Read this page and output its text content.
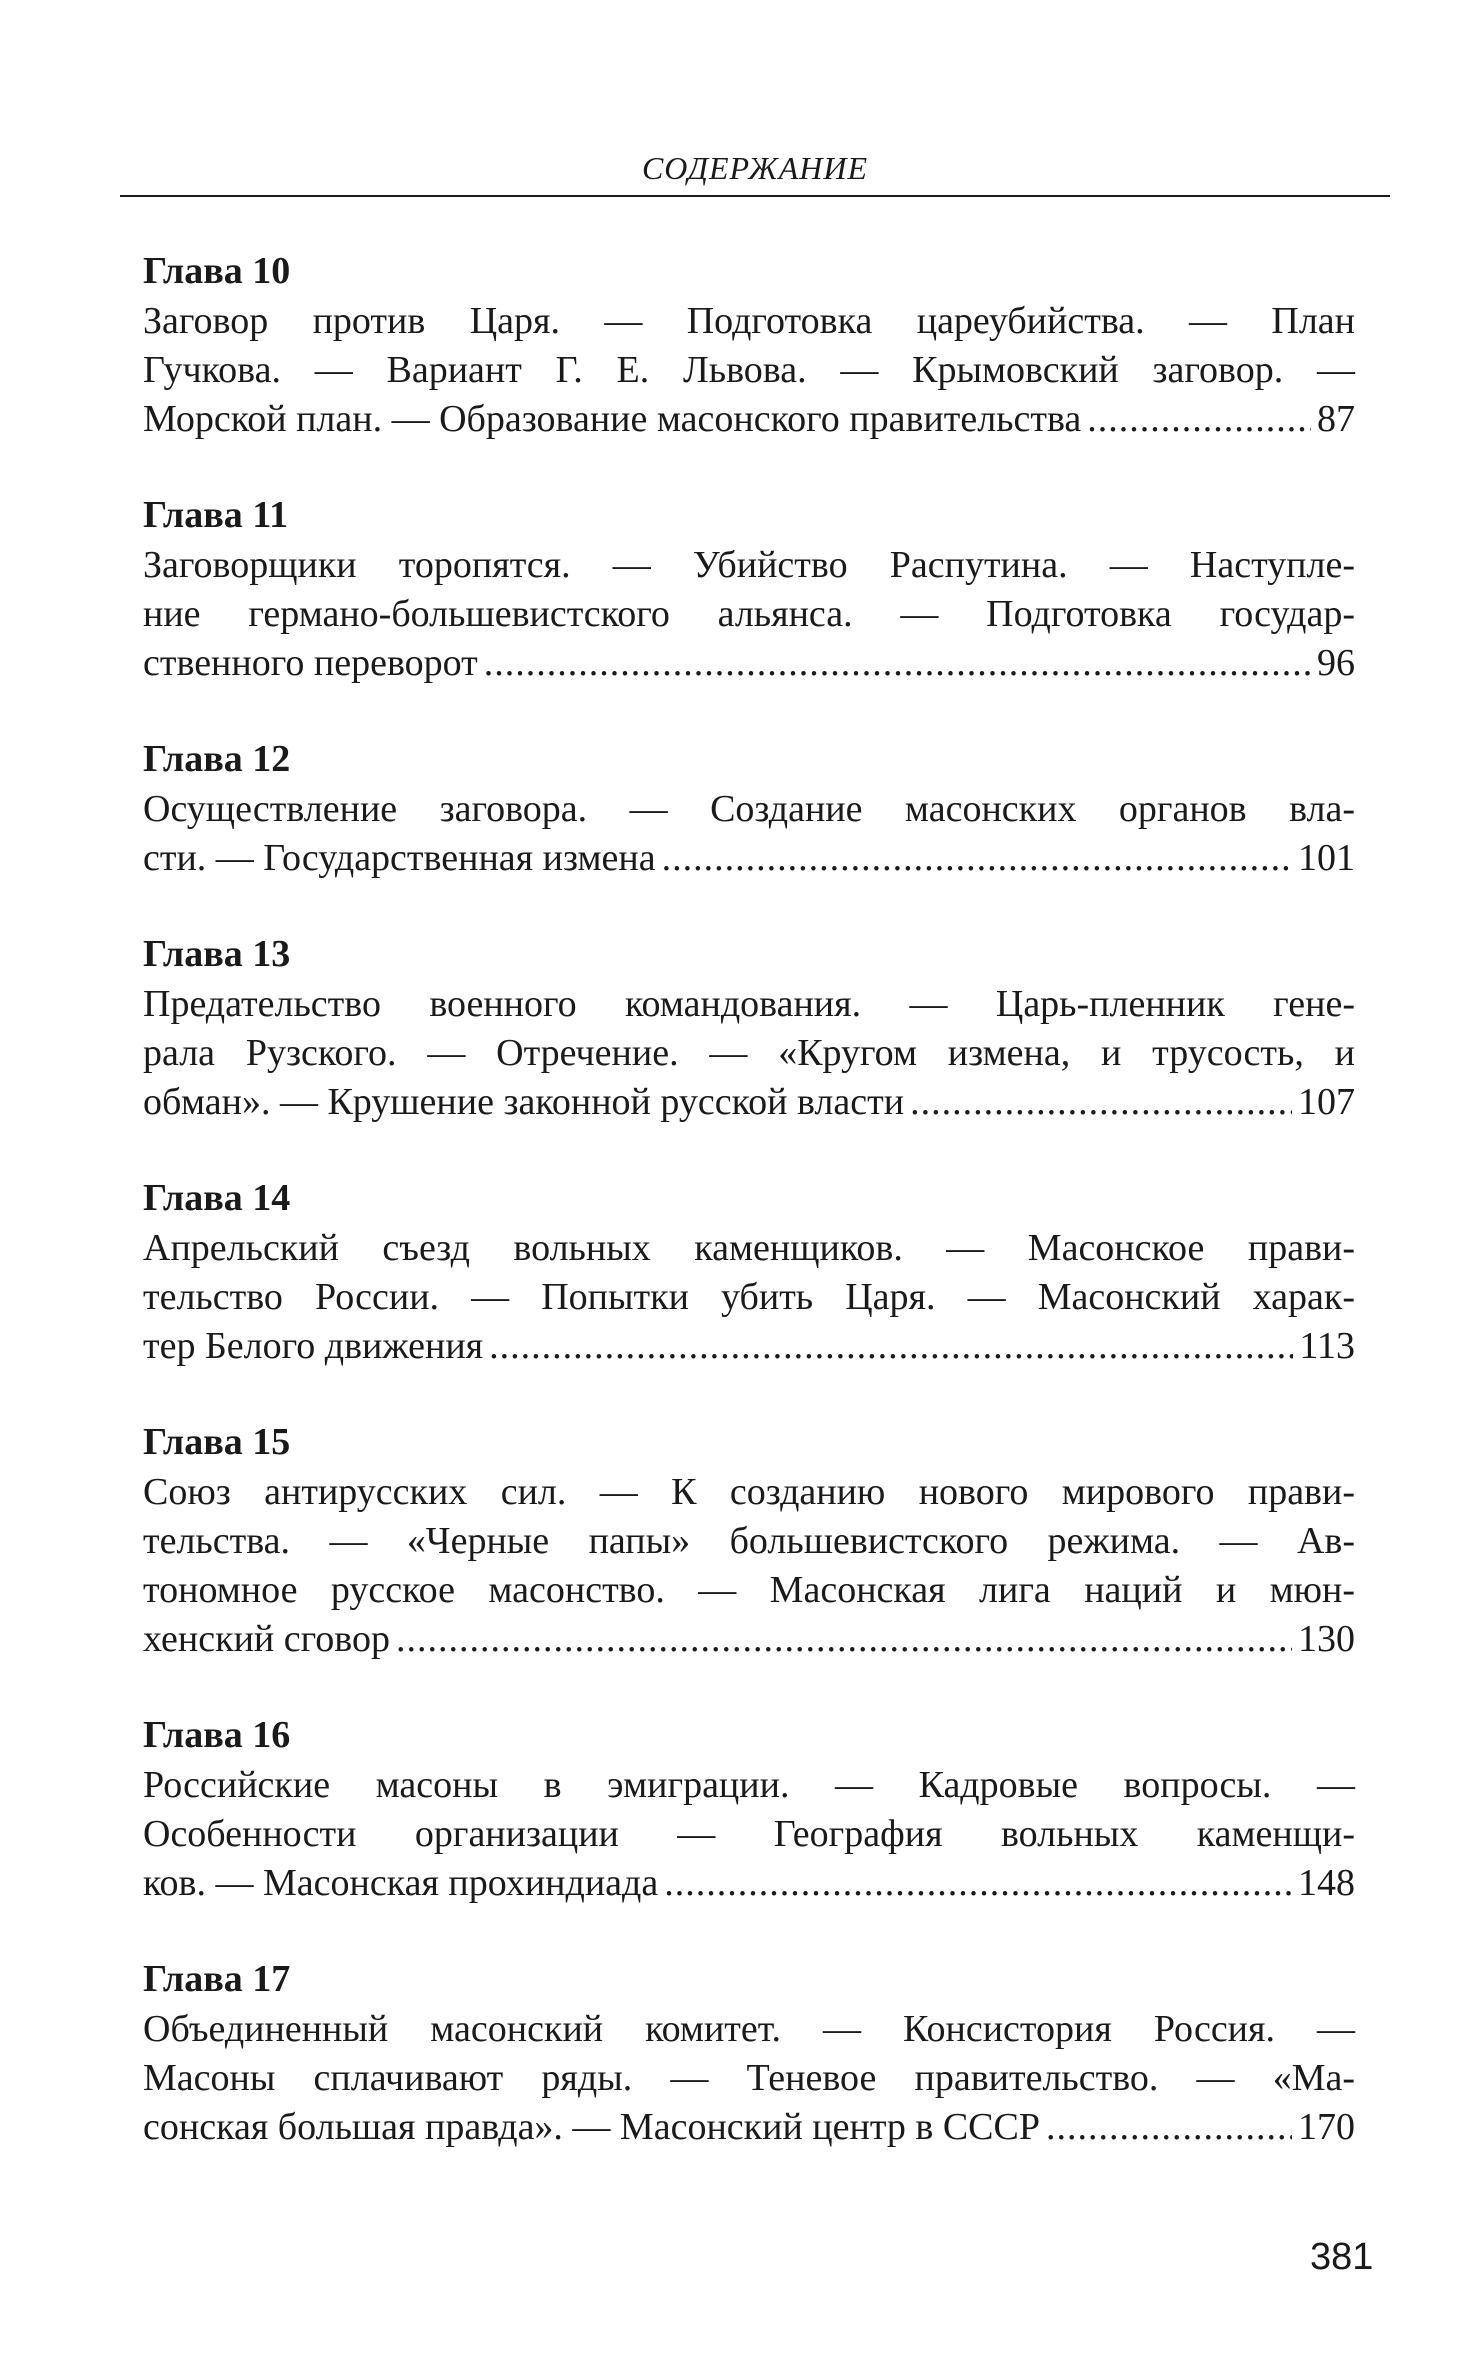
СОДЕРЖАНИЕ
Глава 10
Заговор против Царя. — Подготовка цареубийства. — План
Гучкова. — Вариант Г. Е. Львова. — Крымовский заговор. —
Морской план. — Образование масонского правительства .....	87
Глава 11
Заговорщики торопятся. — Убийство Распутина. — Наступле-
ние германо-большевистского альянса. — Подготовка государ-
ственного переворот .....	96
Глава 12
Осуществление заговора. — Создание масонских органов вла-
сти. — Государственная измена .....	101
Глава 13
Предательство военного командования. — Царь-пленник гене-
рала Рузского. — Отречение. — «Кругом измена, и трусость, и
обман». — Крушение законной русской власти .....	107
Глава 14
Апрельский съезд вольных каменщиков. — Масонское прави-
тельство России. — Попытки убить Царя. — Масонский харак-
тер Белого движения .....	113
Глава 15
Союз антирусских сил. — К созданию нового мирового прави-
тельства. — «Черные папы» большевистского режима. — Ав-
тономное русское масонство. — Масонская лига наций и мюн-
хенский сговор .....	130
Глава 16
Российские масоны в эмиграции. — Кадровые вопросы. —
Особенности организации — География вольных каменщи-
ков. — Масонская прохиндиада .....	148
Глава 17
Объединенный масонский комитет. — Консистория Россия. —
Масоны сплачивают ряды. — Теневое правительство. — «Ма-
сонская большая правда». — Масонский центр в СССР .....	170
381
